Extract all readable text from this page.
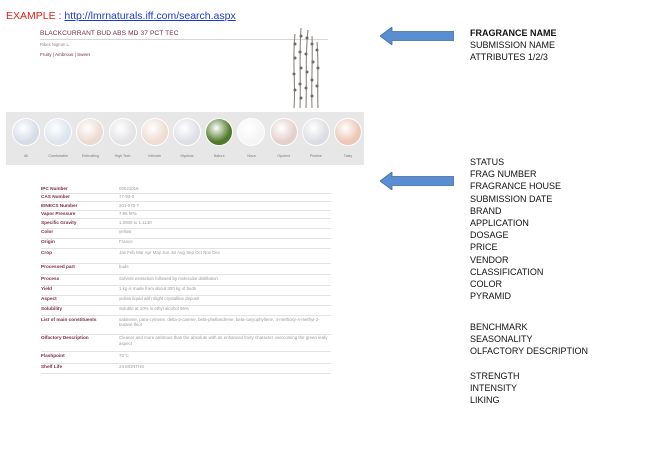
EXAMPLE : http://lmrnaturals.iff.com/search.aspx
BLACKCURRANT BUD ABS MD 37 PCT TEC
Ribes Nigrum L.
Fruity | Ambrous | Sweet
All	Comfortable	Enthralling	High Tech	Intimate	Mystical	Nature	Nova	Opulent	Pristine	Tasty
IPC Number	00021016
CAS Number	77-93-0
EINECS Number	201-070-7
Vapor Pressure	7.95 hPa
Specific Gravity	1.0930 to 1.1140
Color	yellow
Origin	France
Crop	Jan Feb Mar Apr May Jun Jul Aug Sep Oct Nov Dec
Processed part	buds
Process	Solvent extraction followed by molecular distillation
Yield	1 kg is made from about 300 kg of buds
Aspect	yellow liquid with slight crystalline deposit
Solubility	Soluble at 10% in ethyl alcohol 96%
List of main constituents	sabinene, para-cymene, delta-3-carene, beta-phellandrene, beta-caryophyllene, 4-methoxy-4-methyl-2-butane thiol
Olfactory Description	Cleaner and more ambrous than the absolute with an enhanced fruity character overcoming the green leafy aspect
Flashpoint	70°C
Shelf Life	24 MONTHS
FRAGRANCE NAME
SUBMISSION NAME
ATTRIBUTES 1/2/3
STATUS
FRAG NUMBER
FRAGRANCE HOUSE
SUBMISSION DATE
BRAND
APPLICATION
DOSAGE
PRICE
VENDOR
CLASSIFICATION
COLOR
PYRAMID
BENCHMARK
SEASONALITY
OLFACTORY DESCRIPTION
STRENGTH
INTENSITY
LIKING
